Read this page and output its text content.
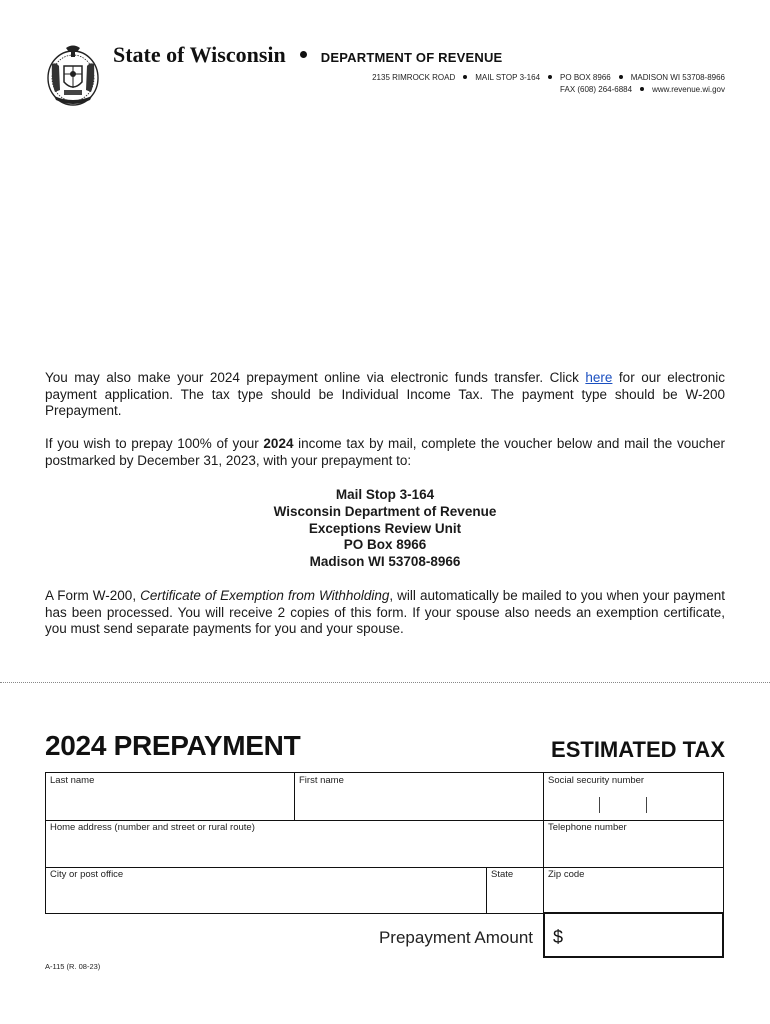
State of Wisconsin	DEPARTMENT OF REVENUE
2135 RIMROCK ROAD	MAIL STOP 3-164	PO BOX 8966	MADISON WI 53708-8966
FAX (608) 264-6884	www.revenue.wi.gov
You may also make your 2024 prepayment online via electronic funds transfer. Click here for our electronic payment application. The tax type should be Individual Income Tax. The payment type should be W-200 Prepayment.
If you wish to prepay 100% of your 2024 income tax by mail, complete the voucher below and mail the voucher postmarked by December 31, 2023, with your prepayment to:
Mail Stop 3-164
Wisconsin Department of Revenue
Exceptions Review Unit
PO Box 8966
Madison WI 53708-8966
A Form W-200, Certificate of Exemption from Withholding, will automatically be mailed to you when your payment has been processed. You will receive 2 copies of this form. If your spouse also needs an exemption certificate, you must send separate payments for you and your spouse.
2024 PREPAYMENT	ESTIMATED TAX
Last name	First name	Social security number
Home address (number and street or rural route)	Telephone number
City or post office	State	Zip code
Prepayment Amount $
A-115 (R. 08-23)
